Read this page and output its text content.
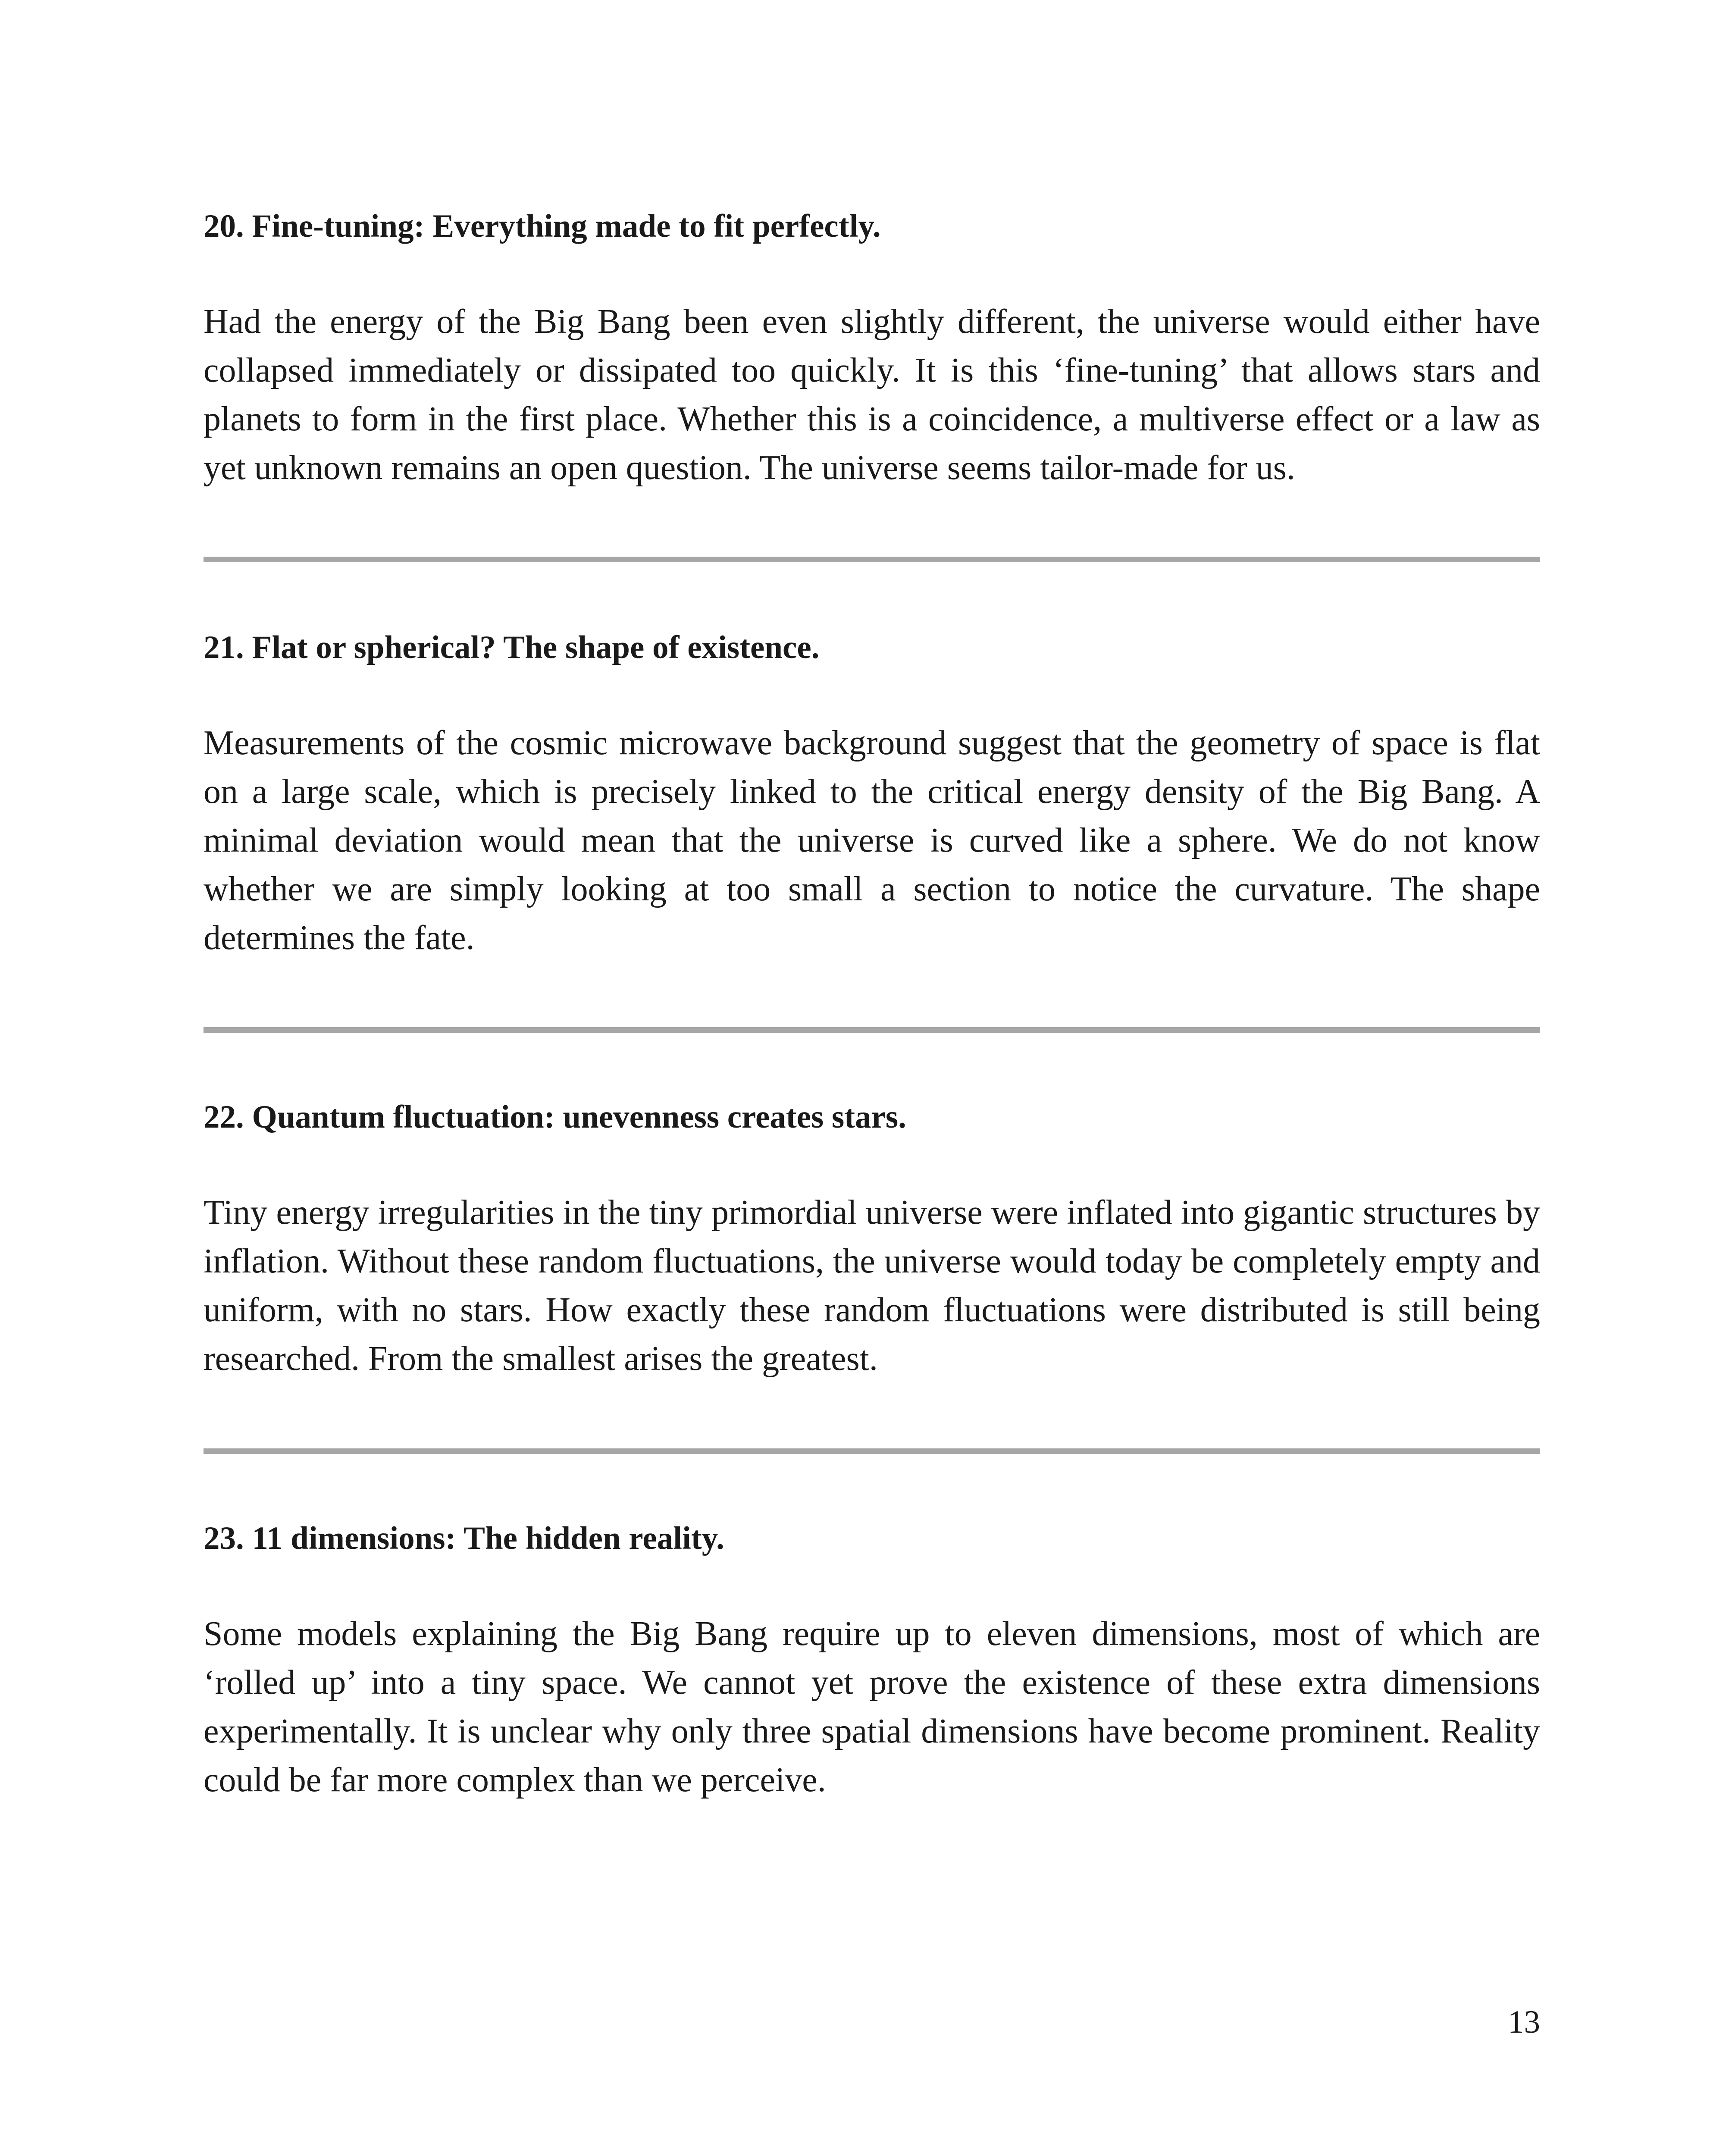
20. Fine-tuning: Everything made to fit perfectly.

Had the energy of the Big Bang been even slightly different, the universe would either have collapsed immediately or dissipated too quickly. It is this ‘fine-tuning’ that allows stars and planets to form in the first place. Whether this is a coincidence, a multiverse effect or a law as yet unknown remains an open question. The universe seems tailor-made for us.

21. Flat or spherical? The shape of existence.

Measurements of the cosmic microwave background suggest that the geometry of space is flat on a large scale, which is precisely linked to the critical energy density of the Big Bang. A minimal deviation would mean that the universe is curved like a sphere. We do not know whether we are simply looking at too small a section to notice the curvature. The shape determines the fate.

22. Quantum fluctuation: unevenness creates stars.

Tiny energy irregularities in the tiny primordial universe were inflated into gigantic structures by inflation. Without these random fluctuations, the universe would today be completely empty and uniform, with no stars. How exactly these random fluctuations were distributed is still being researched. From the smallest arises the greatest.

23. 11 dimensions: The hidden reality.

Some models explaining the Big Bang require up to eleven dimensions, most of which are ‘rolled up’ into a tiny space. We cannot yet prove the existence of these extra dimensions experimentally. It is unclear why only three spatial dimensions have become prominent. Reality could be far more complex than we perceive.

13
